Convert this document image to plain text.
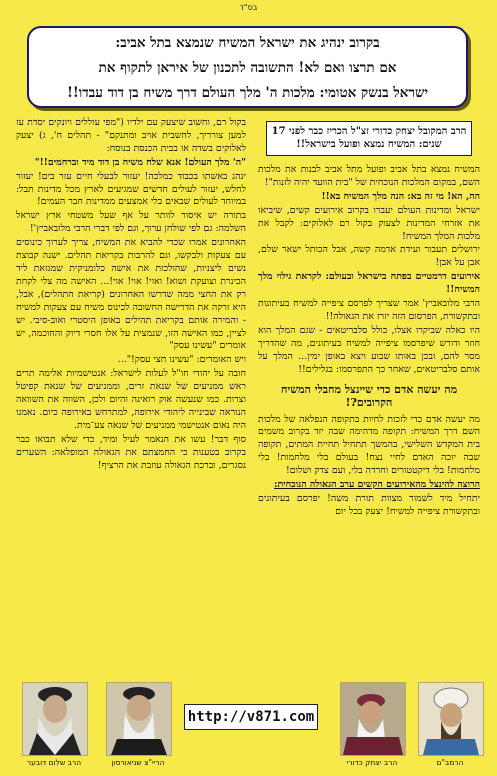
בס"ד
בקרוב ינהיג את ישראל המשיח שנמצא בתל אביב:
אם תרצו ואם לא! התשובה לתכנון של איראן לתקוף את
ישראל בנשק אטומי: מלכות ה' מלך העולם דרך משיח בן דוד עבדו!!
הרב המקובל יצחק כדורי זצ"ל הכריז כבר לפני 17 שנים: המשיח נמצא ופועל בישראל!!

המשיח נמצא בתל אביב ופועל מתל אביב לבנות את מלכות השם, במקום המלכות הנוכחית של "בית הוועד יהיה לזנות"!

הה, הא! מי זה בא: הנה מלך המשיח בא!!

ישראל ומדינות העולם יעברו בקרוב אירועים קשים, שיביאו את אזרחי המדינות לצעוק בקול רם לאלוקים: לקבל את מלכות המלך המשיח!

ירושלים תעבור ועידת אדמה קשה, אבל הכותל ישאר שלם, אבן על אבן!

אירועים דרמטיים בפתח בישראל ובעולם: לקראת גילוי מלך המשיח!!

הרבי מלובאביץ' אמר שצריך לפרסם ציפייה למשיח בעיתונות ובתקשורת, הפרסום הזה יזרז את הגאולה!!

היו כאלה שביקרו אצלו, כולל סלבריטאים - שגם המלך הוא חוזר ודורש שיפרסמו ציפייה למשיח בעיתונים, מה שהדריך מסר להם, ובכן באותו שבוע ויצא באופן ימין... המלך על אותם סלבריטאים, שאחר כך התפרסמו: בגלילים!!

מה יעשה אדם כדי שיינצל מחבלי המשיח הקרובים?!

מה יעשה אדם כדי לזכות לחיות בתקופה הנפלאה של מלכות השם דרך המשיח: תקופה מדהימה שבה יזד בקרוב משמים בית המקדש השלישי, בהמשך תתחיל תחיית המתים, תקופה שבה יזכה האדם לחיי נצח! בעולם בלי מלחמות! בלי מלחמות! בלי דיקטטורים וחרדה בלי, ועם צדק ושלום!

הרוצה להינצל מהאירועים הקשים ערב הגאולה הנוכחית:

יתחיל מיד לשמור מצוות תורת משה! יפרסם בעיתונים ובתקשורת ציפייה למשיח! יצעק בכל יום

בקול רם, וחשוב שיצעק עם ילדיו ("מפי עוללים ויונקים יסדת עז למען צורריך, להשבית אויב ומתנקם" - תהלים ח', ג) יצעק לאלוקים בשדה או בבית הכנסת בנוסח:

"ה' מלך העולם! אנא שלח משיח בן דוד מיד וברחמים!!"

ינהג באשתו בכבוד כמלכה! יעזור לבעלי חיים עזר בים! יעזור לחלש, יעזור לעולים חדשים שמגיעים לארץ מכל מדינות תבל: במיוחד לעולים שבאים בלי אמצעים ממדינות חבר העמים!

בתורה יש איסור לוותר על אף שעל משטחי ארץ ישראל השלמה: גם לפי שולחן ערוך, וגם לפי דברי הרבי מלובאביץ'!

האחרונים אמרו שכדי להביא את המשיח, צריך לערוך כינוסים עם צעקות ולבקשו, וגם להרבות בקריאת תהלים. ישנה קבוצת נשים ליצניות, שהולכות את אישה כלומניקית שמגזאת ליד הכינרת וצועקת ושוא! ואוי! אוי! אוי!... האישה מה צלי לקחת רק את החצי ממה שדרשו האחרונים (קריאת התהלים), אבל, היא זרקה את הדרישה החשובה לכינוס משיח עם צעקות למשיח - והמירה אותם בקריאת תהילים באופן היסטרי ואוב-סיבי. יש לציין, כמו האישה הזו, שנמצית על אלו חסרי דיוק והחוכמה, יש אומרים "עשינו עסק"

ויש האומרים: "עשינו חצי עסק!"...

חובה על יהודי חו"ל לעלות לישראל: אנטישמיות אלימה תרים ראש ממניעים של שנאת זרים, וממניעים של שנאת קפיטל וצרות. כמו שנעשה אוק רואינה והיום ולכן, השווה את השוואה הנוראה שבינייה ליהודי אירופה, למתרחש באירופה כיום. נאמנו היה נאום אנטישמי ממניעים של שנאה צע־מית.

סוף דבר! עשו את הנאמר לעיל ומיד, כדי שלא תבואו כבר בקרוב בטענות כי החמצתם את הגאולה המופלאה: השערים נסגרים, וברכת הגאולה עוזבת את הרציף!

http://v871.com
הרב שלום דובער	הריי"צ שניאורסון	הרב יצחק כדורי	הרמב"ם
